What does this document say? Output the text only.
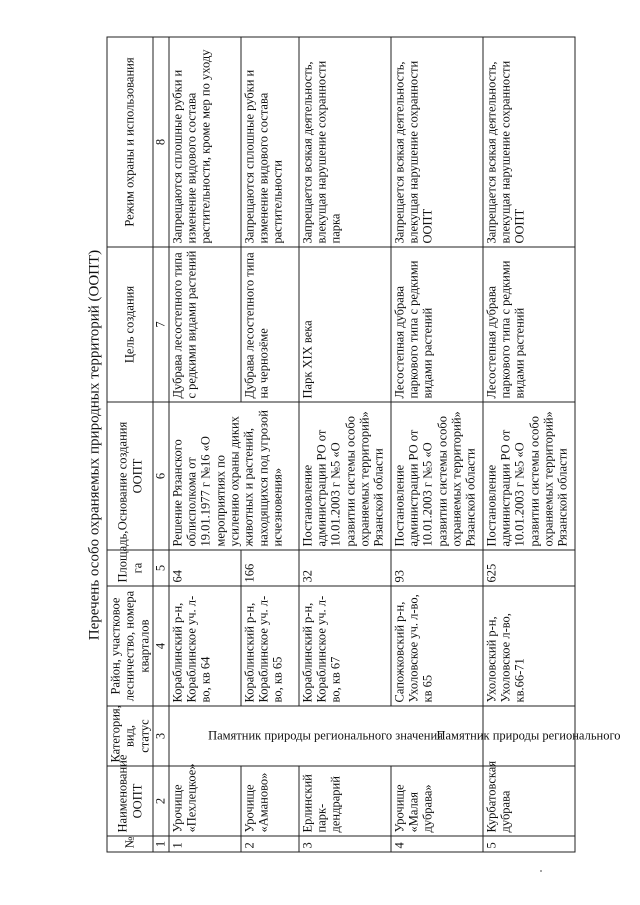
Перечень особо охраняемых природных территорий (ООПТ)
№	Наименование ООПТ	Категория, вид, статус	Район, участковое лесничество, номера кварталов	Площадь, га	Основание создания ООПТ	Цель создания	Режим охраны и использования
1	2	3	4	5	6	7	8
1	Урочище «Пехлецкое»	Памятник природы регионального значения	Кораблинский р-н, Кораблинское уч. л-во, кв 64	64	Решение Рязанского облисполкома от 19.01.1977 г №16 «О мероприятиях по усилению охраны диких животных и растений, находящихся под угрозой исчезновения»	Дубрава лесостепного типа с редкими видами растений	Запрещаются сплошные рубки и изменение видового состава растительности, кроме мер по уходу
2	Урочище «Аманово»		Кораблинский р-н, Кораблинское уч. л-во, кв 65	166		Дубрава лесостепного типа на чернозёме	Запрещаются сплошные рубки и изменение видового состава растительности
3	Ерлинский парк-дендрарий		Кораблинский р-н, Кораблинское уч. л-во, кв 67	32	Постановление администрации РО от 10.01.2003 г №5 «О развитии системы особо охраняемых территорий» Рязанской области	Парк XIX века	Запрещается всякая деятельность, влекущая нарушение сохранности парка
4	Урочище «Малая дубрава»		Сапожковский р-н, Ухоловское уч. л-во, кв 65	93	Постановление администрации РО от 10.01.2003 г №5 «О развитии системы особо охраняемых территорий» Рязанской области	Лесостепная дубрава паркового типа с редкими видами растений	Запрещается всякая деятельность, влекущая нарушение сохранности ООПТ
5	Курбатовская дубрава	Памятник природы регионального	Ухоловский р-н, Ухоловское л-во, кв.66-71	625	Постановление администрации РО от 10.01.2003 г №5 «О развитии системы особо охраняемых территорий» Рязанской области	Лесостепная дубрава паркового типа с редкими видами растений	Запрещается всякая деятельность, влекущая нарушение сохранности ООПТ
